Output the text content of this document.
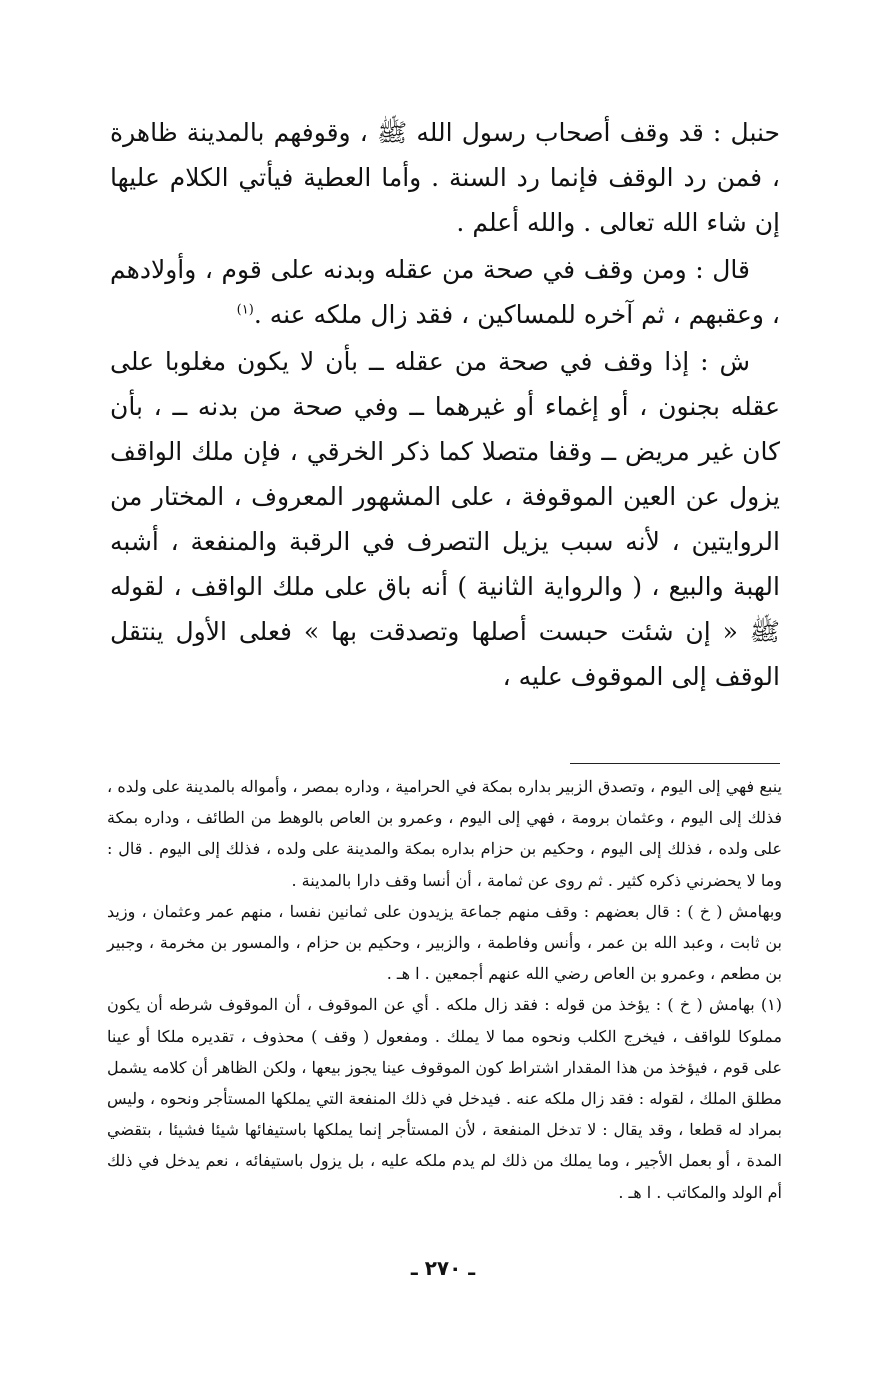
حنبل : قد وقف أصحاب رسول الله ﷺ ، وقوفهم بالمدينة ظاهرة ، فمن رد الوقف فإنما رد السنة . وأما العطية فيأتي الكلام عليها إن شاء الله تعالى . والله أعلم .

قال : ومن وقف في صحة من عقله وبدنه على قوم ، وأولادهم ، وعقبهم ، ثم آخره للمساكين ، فقد زال ملكه عنه .$^{(١)}$

ش : إذا وقف في صحة من عقله ــ بأن لا يكون مغلوبا على عقله بجنون ، أو إغماء أو غيرهما ــ وفي صحة من بدنه ــ ، بأن كان غير مريض ــ وقفا متصلا كما ذكر الخرقي ، فإن ملك الواقف يزول عن العين الموقوفة ، على المشهور المعروف ، المختار من الروايتين ، لأنه سبب يزيل التصرف في الرقبة والمنفعة ، أشبه الهبة والبيع ، ( والرواية الثانية ) أنه باق على ملك الواقف ، لقوله ﷺ « إن شئت حبست أصلها وتصدقت بها » فعلى الأول ينتقل الوقف إلى الموقوف عليه ،

ينبع فهي إلى اليوم ، وتصدق الزبير بداره بمكة في الحرامية ، وداره بمصر ، وأمواله بالمدينة على ولده ، فذلك إلى اليوم ، وعثمان برومة ، فهي إلى اليوم ، وعمرو بن العاص بالوهط من الطائف ، وداره بمكة على ولده ، فذلك إلى اليوم ، وحكيم بن حزام بداره بمكة والمدينة على ولده ، فذلك إلى اليوم . قال : وما لا يحضرني ذكره كثير . ثم روى عن ثمامة ، أن أنسا وقف دارا بالمدينة .

وبهامش ( خ ) : قال بعضهم : وقف منهم جماعة يزيدون على ثمانين نفسا ، منهم عمر وعثمان ، وزيد بن ثابت ، وعبد الله بن عمر ، وأنس وفاطمة ، والزبير ، وحكيم بن حزام ، والمسور بن مخرمة ، وجبير بن مطعم ، وعمرو بن العاص رضي الله عنهم أجمعين . ا هـ .

(١) بهامش ( خ ) : يؤخذ من قوله : فقد زال ملكه . أي عن الموقوف ، أن الموقوف شرطه أن يكون مملوكا للواقف ، فيخرج الكلب ونحوه مما لا يملك . ومفعول ( وقف ) محذوف ، تقديره ملكا أو عينا على قوم ، فيؤخذ من هذا المقدار اشتراط كون الموقوف عينا يجوز بيعها ، ولكن الظاهر أن كلامه يشمل مطلق الملك ، لقوله : فقد زال ملكه عنه . فيدخل في ذلك المنفعة التي يملكها المستأجر ونحوه ، وليس بمراد له قطعا ، وقد يقال : لا تدخل المنفعة ، لأن المستأجر إنما يملكها باستيفائها شيئا فشيئا ، بتقضي المدة ، أو بعمل الأجير ، وما يملك من ذلك لم يدم ملكه عليه ، بل يزول باستيفائه ، نعم يدخل في ذلك أم الولد والمكاتب . ا هـ .

ـ ٢٧٠ ـ
